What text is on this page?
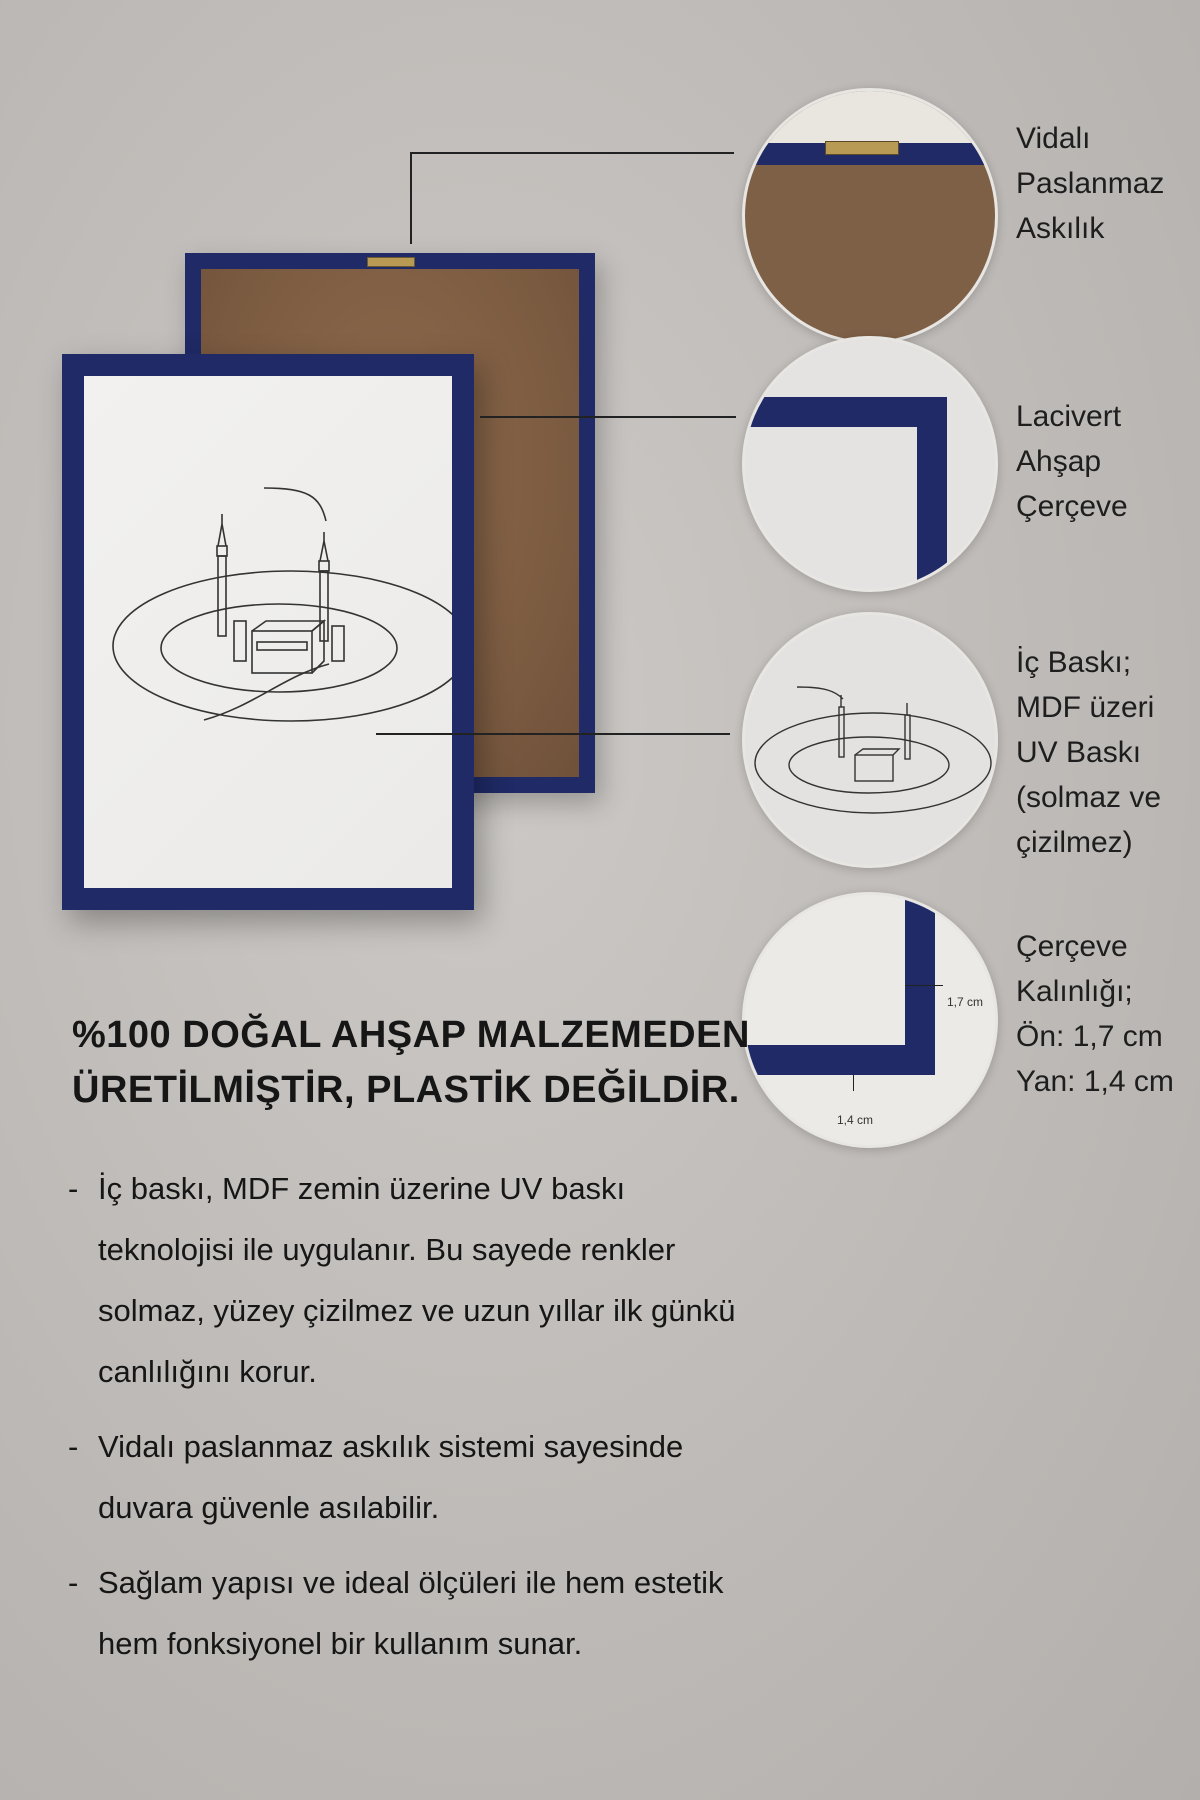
1,7 cm
1,4 cm
Vidalı
Paslanmaz
Askılık
Lacivert
Ahşap
Çerçeve
İç Baskı;
MDF üzeri
UV Baskı
(solmaz ve
çizilmez)
Çerçeve
Kalınlığı;
Ön: 1,7 cm
Yan: 1,4 cm
%100 DOĞAL AHŞAP MALZEMEDEN
ÜRETİLMİŞTİR, PLASTİK DEĞİLDİR.
- İç baskı, MDF zemin üzerine UV baskı teknolojisi ile uygulanır. Bu sayede renkler solmaz, yüzey çizilmez ve uzun yıllar ilk günkü canlılığını korur.
- Vidalı paslanmaz askılık sistemi sayesinde duvara güvenle asılabilir.
- Sağlam yapısı ve ideal ölçüleri ile hem estetik hem fonksiyonel bir kullanım sunar.
